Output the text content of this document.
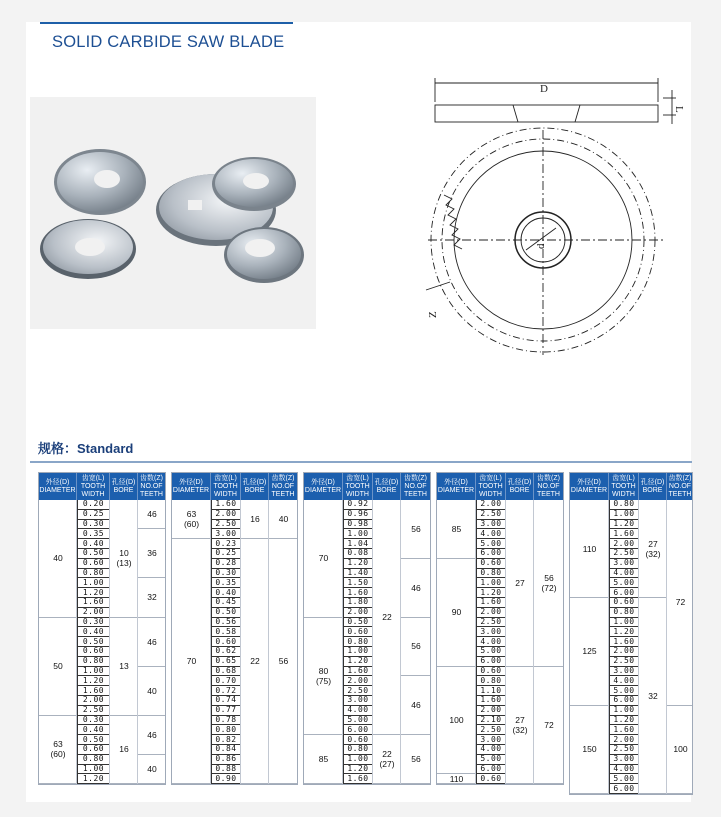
SOLID CARBIDE SAW BLADE
D
L
d
Z
规格：Standard
外径(D)
DIAMETER
齿宽(L)
TOOTH
WIDTH
孔径(D)
BORE
齿数(Z)
NO.OF
TEETH
40
50
63
(60)
0.20
0.25
0.30
0.35
0.40
0.50
0.60
0.80
1.00
1.20
1.60
2.00
0.30
0.40
0.50
0.60
0.80
1.00
1.20
1.60
2.00
2.50
0.30
0.40
0.50
0.60
0.80
1.00
1.20
10
(13)
13
16
46
36
32
46
40
46
40
外径(D)
DIAMETER
齿宽(L)
TOOTH
WIDTH
孔径(D)
BORE
齿数(Z)
NO.OF
TEETH
63
(60)
70
1.60
2.00
2.50
3.00
0.23
0.25
0.28
0.30
0.35
0.40
0.45
0.50
0.56
0.58
0.60
0.62
0.65
0.68
0.70
0.72
0.74
0.77
0.78
0.80
0.82
0.84
0.86
0.88
0.90
16
22
40
56
外径(D)
DIAMETER
齿宽(L)
TOOTH
WIDTH
孔径(D)
BORE
齿数(Z)
NO.OF
TEETH
70
80
(75)
85
0.92
0.96
0.98
1.00
1.04
0.08
1.20
1.40
1.50
1.60
1.80
2.00
0.50
0.60
0.80
1.00
1.20
1.60
2.00
2.50
3.00
4.00
5.00
6.00
0.60
0.80
1.00
1.20
1.60
22
22
(27)
56
46
56
46
56
外径(D)
DIAMETER
齿宽(L)
TOOTH
WIDTH
孔径(D)
BORE
齿数(Z)
NO.OF
TEETH
85
90
100
110
2.00
2.50
3.00
4.00
5.00
6.00
0.60
0.80
1.00
1.20
1.60
2.00
2.50
3.00
4.00
5.00
6.00
0.60
0.80
1.10
1.60
2.00
2.10
2.50
3.00
4.00
5.00
6.00
0.60
27
27
(32)
56
(72)
72
外径(D)
DIAMETER
齿宽(L)
TOOTH
WIDTH
孔径(D)
BORE
齿数(Z)
NO.OF
TEETH
110
125
150
0.80
1.00
1.20
1.60
2.00
2.50
3.00
4.00
5.00
6.00
0.60
0.80
1.00
1.20
1.60
2.00
2.50
3.00
4.00
5.00
6.00
1.00
1.20
1.60
2.00
2.50
3.00
4.00
5.00
6.00
27
(32)
32
72
100
